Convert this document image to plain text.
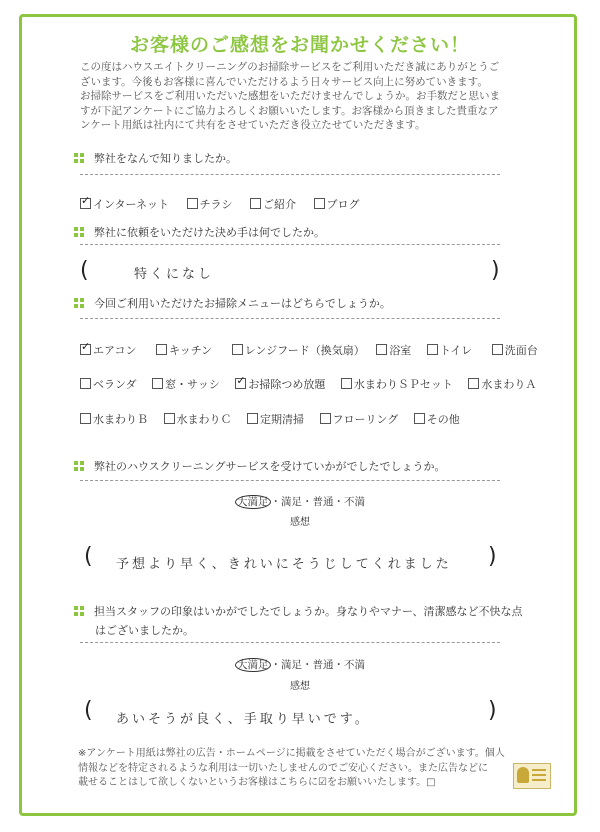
お客様のご感想をお聞かせください！
この度はハウスエイトクリーニングのお掃除サービスをご利用いただき誠にありがとうご
ざいます。今後もお客様に喜んでいただけるよう日々サービス向上に努めていきます。
お掃除サービスをご利用いただいた感想をいただけませんでしょうか。お手数だと思いま
すが下記アンケートにご協力よろしくお願いいたします。お客様から頂きました貴重なア
ンケート用紙は社内にて共有をさせていただき役立たせていただきます。
弊社をなんで知りましたか。
✓インターネット	チラシ	ご紹介	ブログ
弊社に依頼をいただけた決め手は何でしたか。
(	特くになし	)
今回ご利用いただけたお掃除メニューはどちらでしょうか。
✓エアコン	キッチン	レンジフード（換気扇） 浴室	トイレ	洗面台
ベランダ	窓・サッシ ✓	お掃除つめ放題	水まわりＳＰセット	水まわりＡ
水まわりＢ	水まわりＣ	定期清掃	フローリング	その他
弊社のハウスクリーニングサービスを受けていかがでしたでしょうか。
大満足 ・満足・普通・不満
感想
( 予想より早く、きれいにそうじしてくれました )
担当スタッフの印象はいかがでしたでしょうか。身なりやマナー、清潔感など不快な点
はございましたか。
大満足 ・満足・普通・不満
感想
( あいそうが良く、手取り早いです。	)
※アンケート用紙は弊社の広告・ホームページに掲載をさせていただく場合がございます。個人
情報などを特定されるような利用は一切いたしませんのでご安心ください。また広告などに
載せることはして欲しくないというお客様はこちらに☑をお願いいたします。□
